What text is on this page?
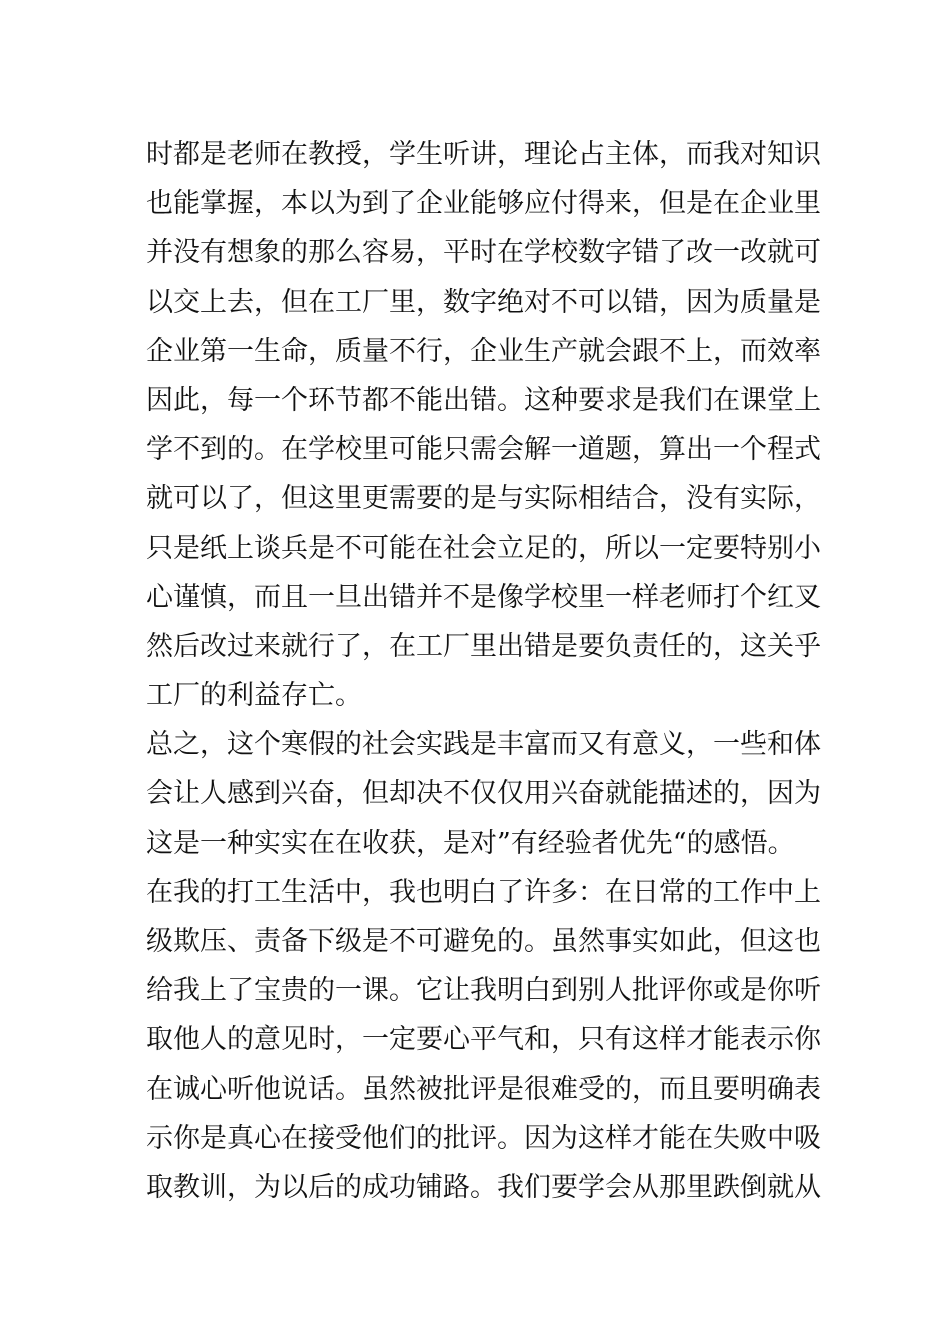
时都是老师在教授，学生听讲，理论占主体，而我对知识
也能掌握，本以为到了企业能够应付得来，但是在企业里
并没有想象的那么容易，平时在学校数字错了改一改就可
以交上去，但在工厂里，数字绝对不可以错，因为质量是
企业第一生命，质量不行，企业生产就会跟不上，而效率
因此，每一个环节都不能出错。这种要求是我们在课堂上
学不到的。在学校里可能只需会解一道题，算出一个程式
就可以了，但这里更需要的是与实际相结合，没有实际，
只是纸上谈兵是不可能在社会立足的，所以一定要特别小
心谨慎，而且一旦出错并不是像学校里一样老师打个红叉
然后改过来就行了，在工厂里出错是要负责任的，这关乎
工厂的利益存亡。
总之，这个寒假的社会实践是丰富而又有意义，一些和体
会让人感到兴奋，但却决不仅仅用兴奋就能描述的，因为
这是一种实实在在收获，是对”有经验者优先“的感悟。
在我的打工生活中，我也明白了许多：在日常的工作中上
级欺压、责备下级是不可避免的。虽然事实如此，但这也
给我上了宝贵的一课。它让我明白到别人批评你或是你听
取他人的意见时，一定要心平气和，只有这样才能表示你
在诚心听他说话。虽然被批评是很难受的，而且要明确表
示你是真心在接受他们的批评。因为这样才能在失败中吸
取教训，为以后的成功铺路。我们要学会从那里跌倒就从
